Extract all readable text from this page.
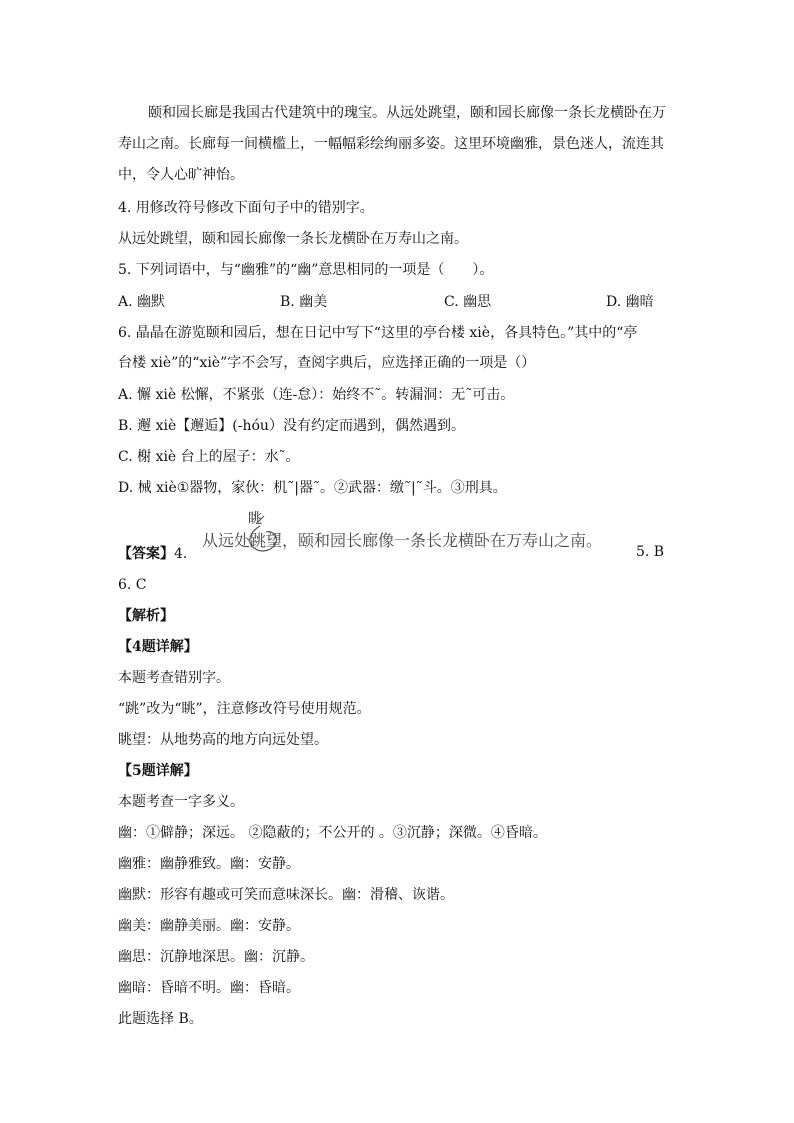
颐和园长廊是我国古代建筑中的瑰宝。从远处跳望，颐和园长廊像一条长龙横卧在万寿山之南。长廊每一间横槛上，一幅幅彩绘绚丽多姿。这里环境幽雅，景色迷人，流连其中，令人心旷神怡。
4. 用修改符号修改下面句子中的错别字。
从远处跳望，颐和园长廊像一条长龙横卧在万寿山之南。
5. 下列词语中，与“幽雅”的“幽”意思相同的一项是（　　）。
A. 幽默	B. 幽美	C. 幽思	D. 幽暗
6. 晶晶在游览颐和园后，想在日记中写下“这里的亭台楼 xiè，各具特色。”其中的“亭
台楼 xiè”的“xiè”字不会写，查阅字典后，应选择正确的一项是（）
A. 懈 xiè 松懈，不紧张（连-怠）：始终不˜。转漏洞：无˜可击。
B. 邂 xiè【邂逅】(-hóu）没有约定而遇到，偶然遇到。
C. 榭 xiè 台上的屋子：水˜。
D. 械 xiè①器物，家伙：机˜|器˜。②武器：缴˜|˜斗。③刑具。
【答案】4.
眺
从远处跳望，颐和园长廊像一条长龙横卧在万寿山之南。
5. B
6. C
【解析】
【4题详解】
本题考查错别字。
“跳”改为“眺”，注意修改符号使用规范。
眺望：从地势高的地方向远处望。
【5题详解】
本题考查一字多义。
幽：①僻静；深远。 ②隐蔽的；不公开的 。③沉静；深微。④昏暗。
幽雅：幽静雅致。幽：安静。
幽默：形容有趣或可笑而意味深长。幽：滑稽、诙谐。
幽美：幽静美丽。幽：安静。
幽思：沉静地深思。幽：沉静。
幽暗：昏暗不明。幽：昏暗。
此题选择 B。
